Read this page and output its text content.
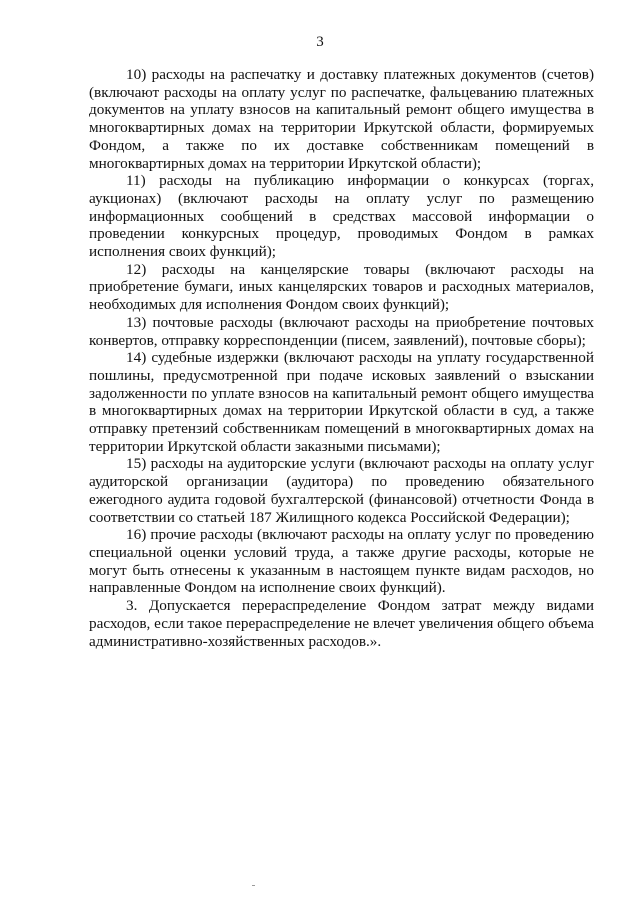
3

10) расходы на распечатку и доставку платежных документов (счетов) (включают расходы на оплату услуг по распечатке, фальцеванию платежных документов на уплату взносов на капитальный ремонт общего имущества в многоквартирных домах на территории Иркутской области, формируемых Фондом, а также по их доставке собственникам помещений в многоквартирных домах на территории Иркутской области);

11) расходы на публикацию информации о конкурсах (торгах, аукционах) (включают расходы на оплату услуг по размещению информационных сообщений в средствах массовой информации о проведении конкурсных процедур, проводимых Фондом в рамках исполнения своих функций);

12) расходы на канцелярские товары (включают расходы на приобретение бумаги, иных канцелярских товаров и расходных материалов, необходимых для исполнения Фондом своих функций);

13) почтовые расходы (включают расходы на приобретение почтовых конвертов, отправку корреспонденции (писем, заявлений), почтовые сборы);

14) судебные издержки (включают расходы на уплату государственной пошлины, предусмотренной при подаче исковых заявлений о взыскании задолженности по уплате взносов на капитальный ремонт общего имущества в многоквартирных домах на территории Иркутской области в суд, а также отправку претензий собственникам помещений в многоквартирных домах на территории Иркутской области заказными письмами);

15) расходы на аудиторские услуги (включают расходы на оплату услуг аудиторской организации (аудитора) по проведению обязательного ежегодного аудита годовой бухгалтерской (финансовой) отчетности Фонда в соответствии со статьей 187 Жилищного кодекса Российской Федерации);

16) прочие расходы (включают расходы на оплату услуг по проведению специальной оценки условий труда, а также другие расходы, которые не могут быть отнесены к указанным в настоящем пункте видам расходов, но направленные Фондом на исполнение своих функций).

3. Допускается перераспределение Фондом затрат между видами расходов, если такое перераспределение не влечет увеличения общего объема административно-хозяйственных расходов.».
